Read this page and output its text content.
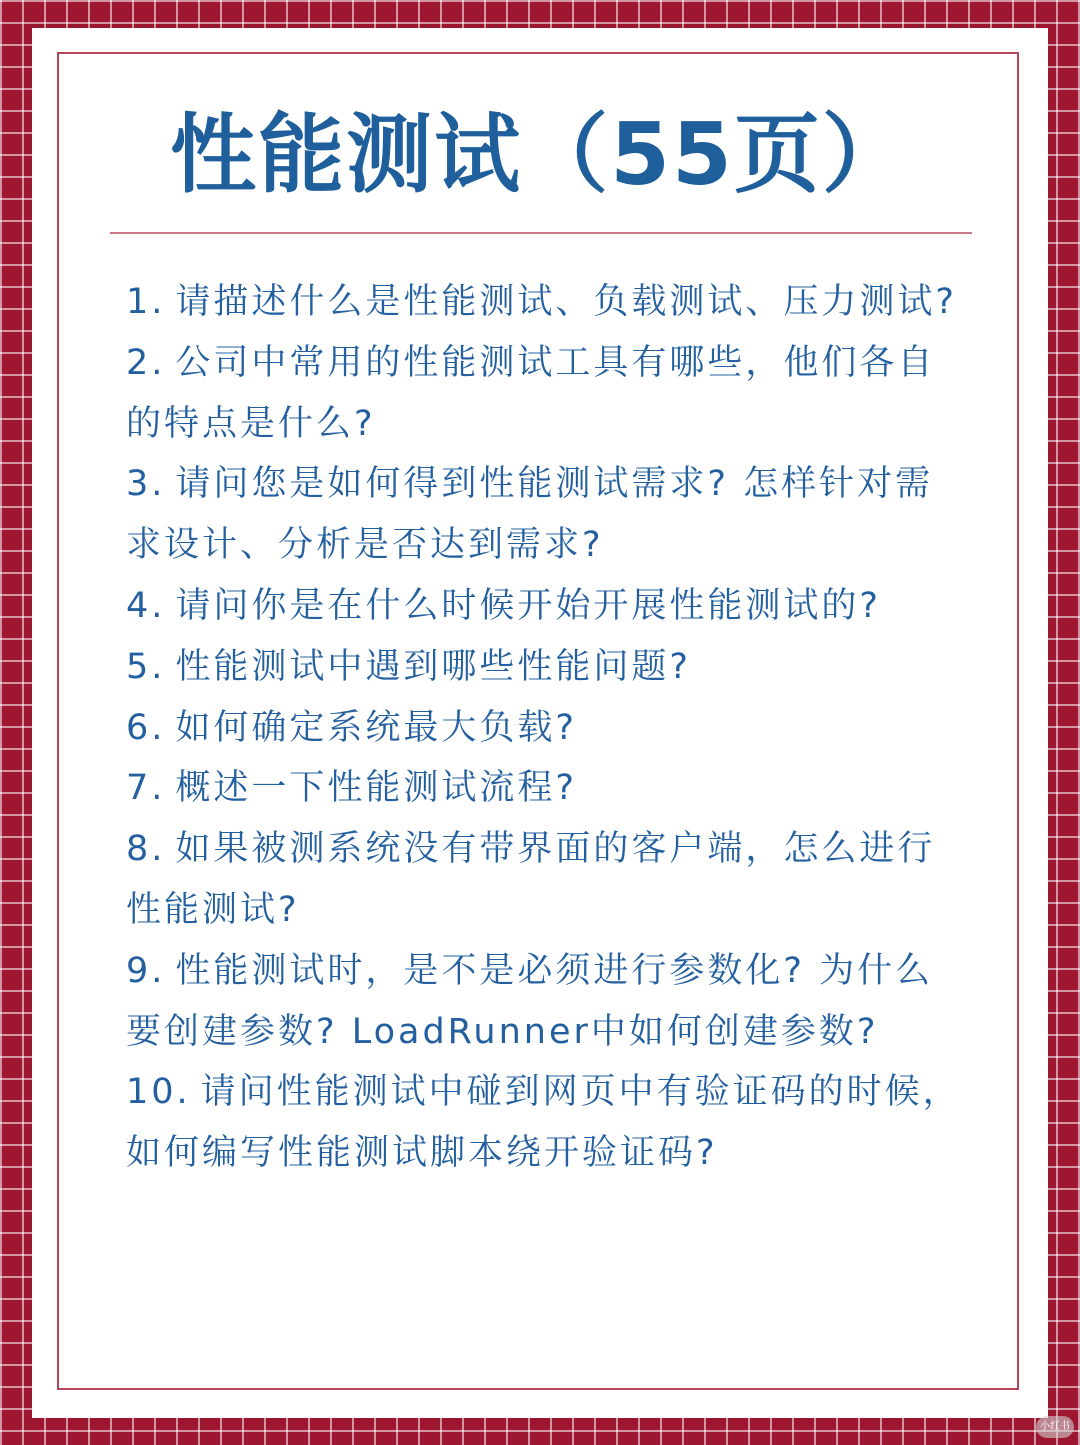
性能测试（55页）
1. 请描述什么是性能测试、负载测试、压力测试?
2. 公司中常用的性能测试工具有哪些，他们各自的特点是什么?
3. 请问您是如何得到性能测试需求? 怎样针对需求设计、分析是否达到需求?
4. 请问你是在什么时候开始开展性能测试的?
5. 性能测试中遇到哪些性能问题?
6. 如何确定系统最大负载?
7. 概述一下性能测试流程?
8. 如果被测系统没有带界面的客户端，怎么进行性能测试?
9. 性能测试时，是不是必须进行参数化? 为什么要创建参数? LoadRunner中如何创建参数?
10. 请问性能测试中碰到网页中有验证码的时候，如何编写性能测试脚本绕开验证码?
小红书
